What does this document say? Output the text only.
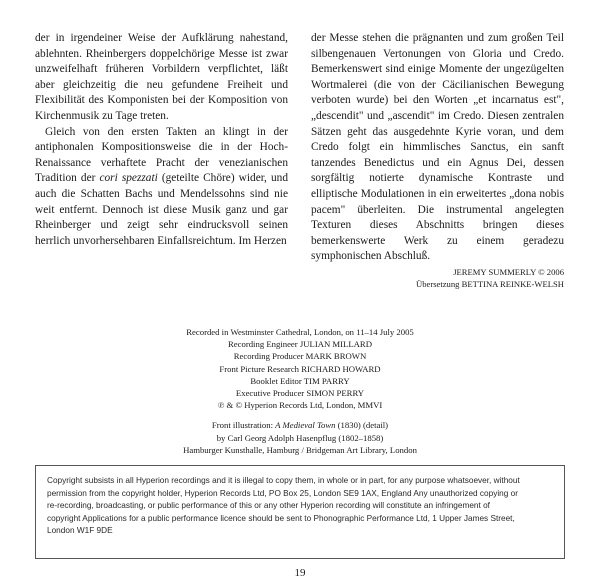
der in irgendeiner Weise der Aufklärung nahestand, ablehnten. Rheinbergers doppelchörige Messe ist zwar unzweifelhaft früheren Vorbildern verpflichtet, läßt aber gleichzeitig die neu gefundene Freiheit und Flexibilität des Komponisten bei der Komposition von Kirchenmusik zu Tage treten.

Gleich von den ersten Takten an klingt in der antiphonalen Kompositionsweise die in der Hoch-Renaissance verhaftete Pracht der venezianischen Tradition der cori spezzati (geteilte Chöre) wider, und auch die Schatten Bachs und Mendelssohns sind nie weit entfernt. Dennoch ist diese Musik ganz und gar Rheinberger und zeigt sehr eindrucksvoll seinen herrlich unvorhersehbaren Einfallsreichtum. Im Herzen

der Messe stehen die prägnanten und zum großen Teil silbengenauen Vertonungen von Gloria und Credo. Bemerkenswert sind einige Momente der ungezügelten Wortmalerei (die von der Cäcilianischen Bewegung verboten wurde) bei den Worten „et incarnatus est", „descendit" und „ascendit" im Credo. Diesen zentralen Sätzen geht das ausgedehnte Kyrie voran, und dem Credo folgt ein himmlisches Sanctus, ein sanft tanzendes Benedictus und ein Agnus Dei, dessen sorgfältig notierte dynamische Kontraste und elliptische Modulationen in ein erweitertes „dona nobis pacem" überleiten. Die instrumental angelegten Texturen dieses Abschnitts bringen dieses bemerkenswerte Werk zu einem geradezu symphonischen Abschluß.

JEREMY SUMMERLY © 2006
Übersetzung BETTINA REINKE-WELSH
Recorded in Westminster Cathedral, London, on 11–14 July 2005
Recording Engineer JULIAN MILLARD
Recording Producer MARK BROWN
Front Picture Research RICHARD HOWARD
Booklet Editor TIM PARRY
Executive Producer SIMON PERRY
℗ & © Hyperion Records Ltd, London, MMVI
Front illustration: A Medieval Town (1830) (detail)
by Carl Georg Adolph Hasenpflug (1802–1858)
Hamburger Kunsthalle, Hamburg / Bridgeman Art Library, London
Copyright subsists in all Hyperion recordings and it is illegal to copy them, in whole or in part, for any purpose whatsoever, without
permission from the copyright holder, Hyperion Records Ltd, PO Box 25, London SE9 1AX, England Any unauthorized copying or
re-recording, broadcasting, or public performance of this or any other Hyperion recording will constitute an infringement of
copyright Applications for a public performance licence should be sent to Phonographic Performance Ltd, 1 Upper James Street,
London W1F 9DE
19
